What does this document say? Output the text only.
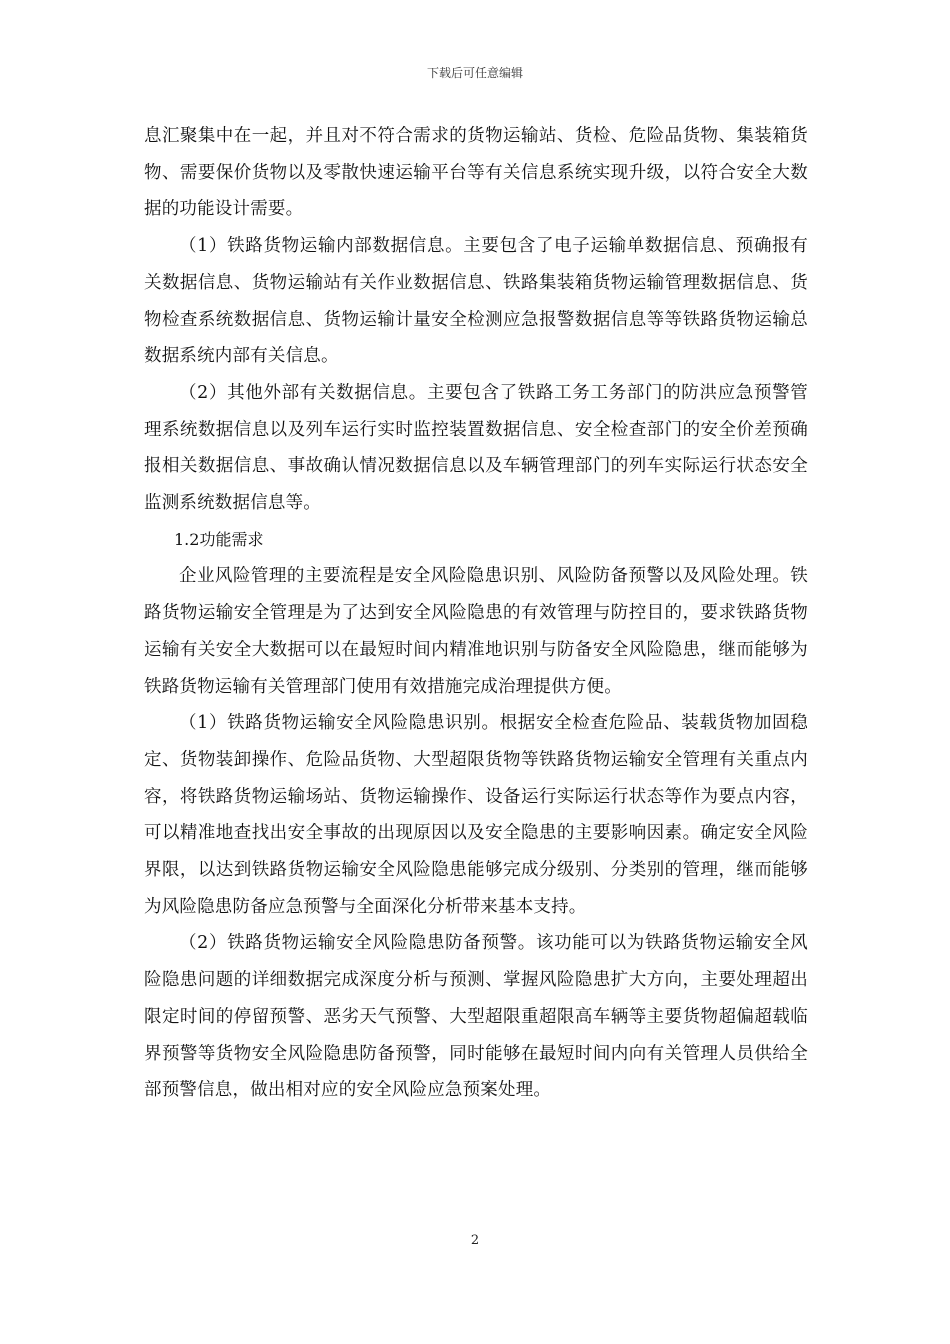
下载后可任意编辑

息汇聚集中在一起，并且对不符合需求的货物运输站、货检、危险品货物、集装箱货物、需要保价货物以及零散快速运输平台等有关信息系统实现升级，以符合安全大数据的功能设计需要。

（1）铁路货物运输内部数据信息。主要包含了电子运输单数据信息、预确报有关数据信息、货物运输站有关作业数据信息、铁路集装箱货物运输管理数据信息、货物检查系统数据信息、货物运输计量安全检测应急报警数据信息等等铁路货物运输总数据系统内部有关信息。

（2）其他外部有关数据信息。主要包含了铁路工务工务部门的防洪应急预警管理系统数据信息以及列车运行实时监控装置数据信息、安全检查部门的安全价差预确报相关数据信息、事故确认情况数据信息以及车辆管理部门的列车实际运行状态安全监测系统数据信息等。

1.2功能需求

企业风险管理的主要流程是安全风险隐患识别、风险防备预警以及风险处理。铁路货物运输安全管理是为了达到安全风险隐患的有效管理与防控目的，要求铁路货物运输有关安全大数据可以在最短时间内精准地识别与防备安全风险隐患，继而能够为铁路货物运输有关管理部门使用有效措施完成治理提供方便。

（1）铁路货物运输安全风险隐患识别。根据安全检查危险品、装载货物加固稳定、货物装卸操作、危险品货物、大型超限货物等铁路货物运输安全管理有关重点内容，将铁路货物运输场站、货物运输操作、设备运行实际运行状态等作为要点内容，可以精准地查找出安全事故的出现原因以及安全隐患的主要影响因素。确定安全风险界限，以达到铁路货物运输安全风险隐患能够完成分级别、分类别的管理，继而能够为风险隐患防备应急预警与全面深化分析带来基本支持。

（2）铁路货物运输安全风险隐患防备预警。该功能可以为铁路货物运输安全风险隐患问题的详细数据完成深度分析与预测、掌握风险隐患扩大方向，主要处理超出限定时间的停留预警、恶劣天气预警、大型超限重超限高车辆等主要货物超偏超载临界预警等货物安全风险隐患防备预警，同时能够在最短时间内向有关管理人员供给全部预警信息，做出相对应的安全风险应急预案处理。

2
